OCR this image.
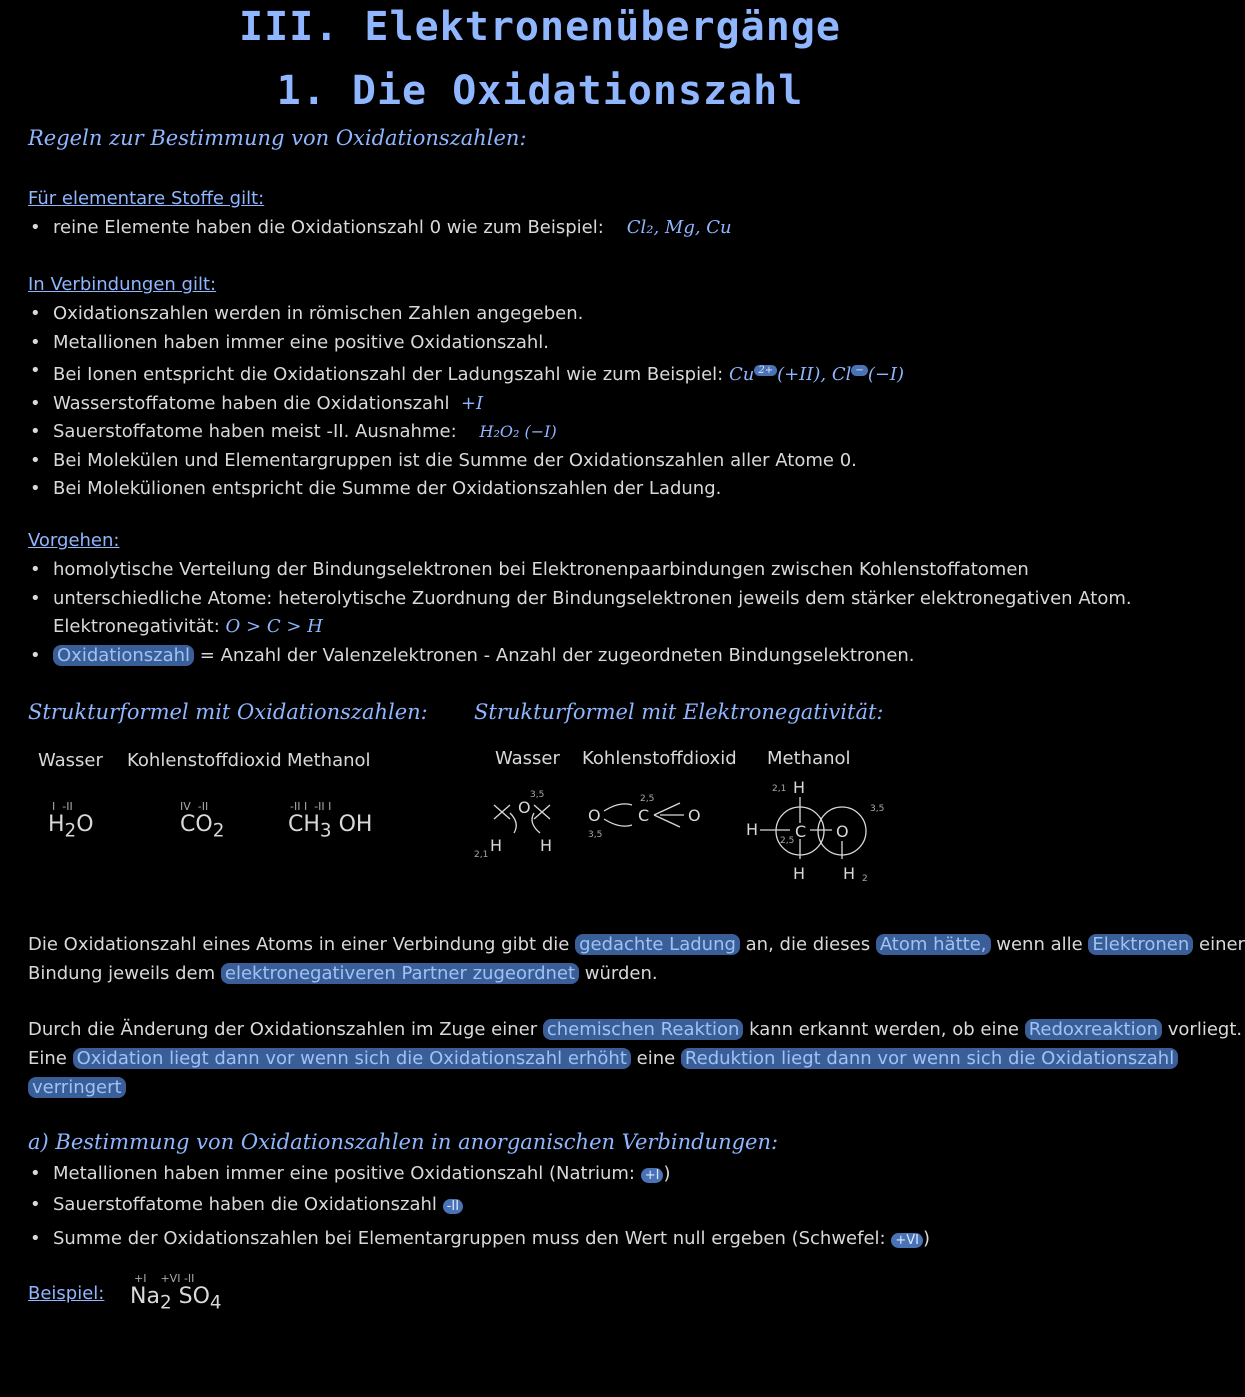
III. Elektronenübergänge
1. Die Oxidationszahl
Regeln zur Bestimmung von Oxidationszahlen:
Für elementare Stoffe gilt:
• reine Elemente haben die Oxidationszahl 0 wie zum Beispiel: Cl₂, Mg, Cu
In Verbindungen gilt:
• Oxidationszahlen werden in römischen Zahlen angegeben.
• Metallionen haben immer eine positive Oxidationszahl.
• Bei Ionen entspricht die Oxidationszahl der Ladungszahl wie zum Beispiel: Cu $^{2+}$ (+II), Cl − (−I)
• Wasserstoffatome haben die Oxidationszahl +I
• Sauerstoffatome haben meist -II. Ausnahme: H₂O₂ (−I)
• Bei Molekülen und Elementargruppen ist die Summe der Oxidationszahlen aller Atome 0.
• Bei Molekülionen entspricht die Summe der Oxidationszahlen der Ladung.
Vorgehen:
• homolytische Verteilung der Bindungselektronen bei Elektronenpaarbindungen zwischen Kohlenstoffatomen
• unterschiedliche Atome: heterolytische Zuordnung der Bindungselektronen jeweils dem stärker elektronegativen Atom.
Elektronegativität: O > C > H
• Oxidationszahl = Anzahl der Valenzelektronen - Anzahl der zugeordneten Bindungselektronen.
Strukturformel mit Oxidationszahlen:
Wasser Kohlenstoffdioxid Methanol
I -II
$H_2O$
IV -II
$CO_2$
-II I  -II I
$CH_3$ OH
Strukturformel mit Elektronegativität:
Wasser Kohlenstoffdioxid Methanol
O
3,5
H H
2,1
O
3,5
C
2,5
O
2,1 H
H C
2,5	O
3,5
H H 2
Die Oxidationszahl eines Atoms in einer Verbindung gibt die gedachte Ladung an, die dieses Atom hätte, wenn alle Elektronen einer
Bindung jeweils dem elektronegativeren Partner zugeordnet würden.
Durch die Änderung der Oxidationszahlen im Zuge einer chemischen Reaktion kann erkannt werden, ob eine Redoxreaktion vorliegt.
Eine Oxidation liegt dann vor wenn sich die Oxidationszahl erhöht eine Reduktion liegt dann vor wenn sich die Oxidationszahl
verringert
a) Bestimmung von Oxidationszahlen in anorganischen Verbindungen:
• Metallionen haben immer eine positive Oxidationszahl (Natrium: +I )
• Sauerstoffatome haben die Oxidationszahl -II
• Summe der Oxidationszahlen bei Elementargruppen muss den Wert null ergeben (Schwefel: +VI )
Beispiel:
+I +VI -II
$Na_2$ $SO_4$
